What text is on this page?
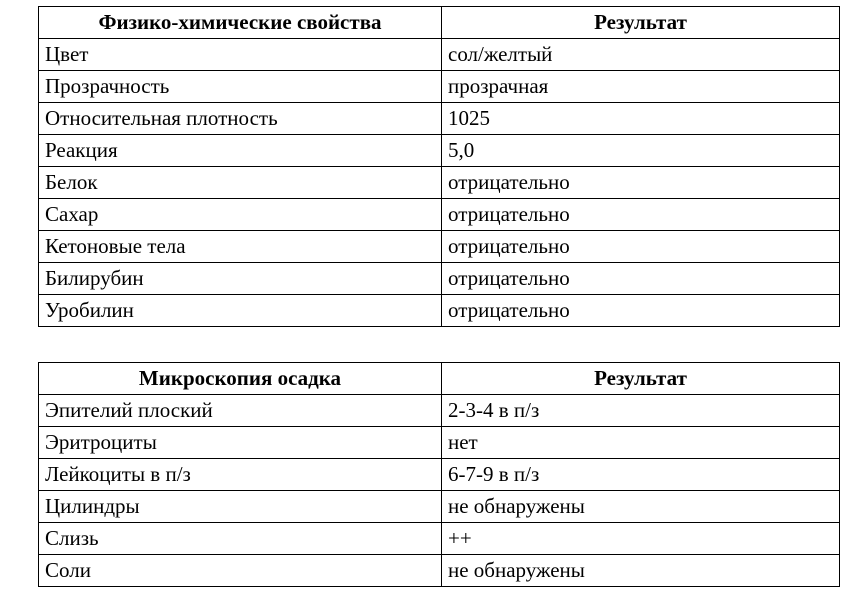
Физико-химические свойства	Результат
Цвет	сол/желтый
Прозрачность	прозрачная
Относительная плотность	1025
Реакция	5,0
Белок	отрицательно
Сахар	отрицательно
Кетоновые тела	отрицательно
Билирубин	отрицательно
Уробилин	отрицательно
Микроскопия осадка	Результат
Эпителий плоский	2-3-4 в п/з
Эритроциты	нет
Лейкоциты в п/з	6-7-9 в п/з
Цилиндры	не обнаружены
Слизь	++
Соли	не обнаружены
